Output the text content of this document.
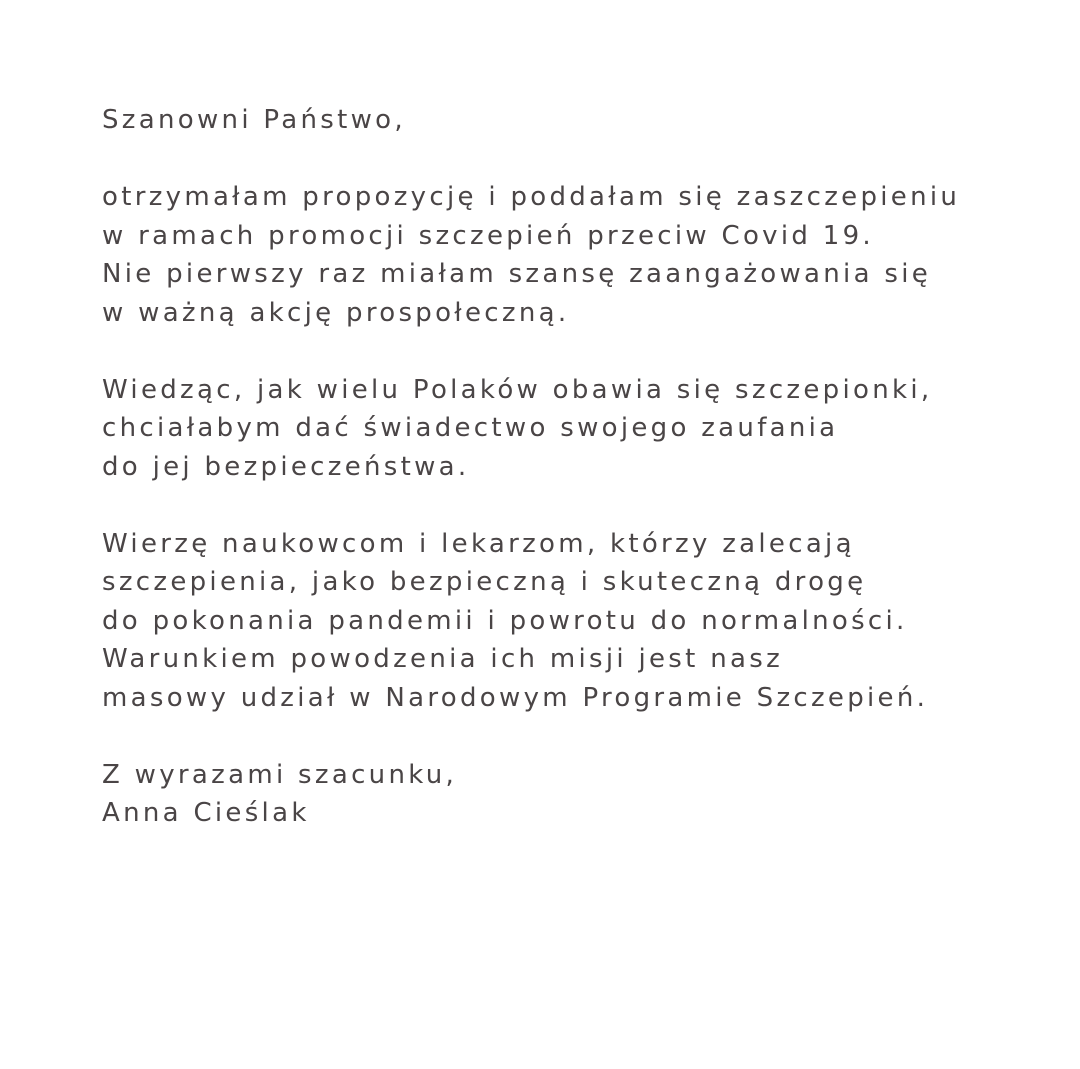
Szanowni Państwo,

otrzymałam propozycję i poddałam się zaszczepieniu
w ramach promocji szczepień przeciw Covid 19.
Nie pierwszy raz miałam szansę zaangażowania się
w ważną akcję prospołeczną.

Wiedząc, jak wielu Polaków obawia się szczepionki,
chciałabym dać świadectwo swojego zaufania
do jej bezpieczeństwa.

Wierzę naukowcom i lekarzom, którzy zalecają
szczepienia, jako bezpieczną i skuteczną drogę
do pokonania pandemii i powrotu do normalności.
Warunkiem powodzenia ich misji jest nasz
masowy udział w Narodowym Programie Szczepień.

Z wyrazami szacunku,
Anna Cieślak
